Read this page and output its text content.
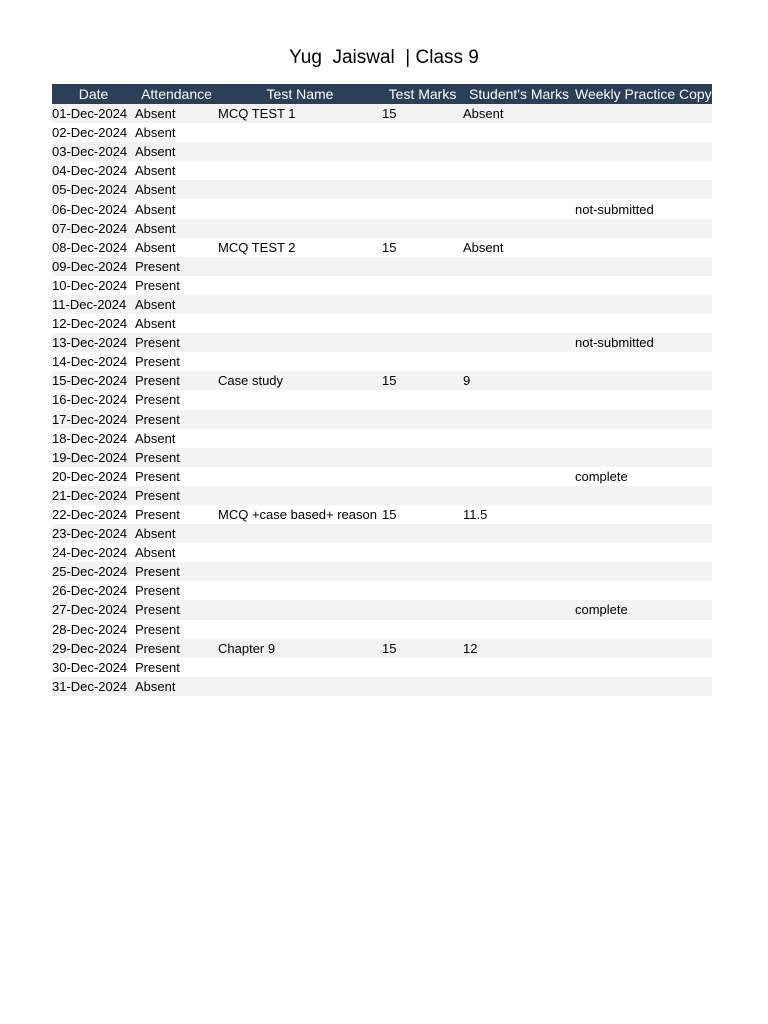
Yug  Jaiswal  | Class 9
Date	Attendance	Test Name	Test Marks	Student's Marks	Weekly Practice Copy
01-Dec-2024	Absent	MCQ TEST 1	15	Absent	
02-Dec-2024	Absent				
03-Dec-2024	Absent				
04-Dec-2024	Absent				
05-Dec-2024	Absent				
06-Dec-2024	Absent				not-submitted
07-Dec-2024	Absent				
08-Dec-2024	Absent	MCQ TEST 2	15	Absent	
09-Dec-2024	Present				
10-Dec-2024	Present				
11-Dec-2024	Absent				
12-Dec-2024	Absent				
13-Dec-2024	Present				not-submitted
14-Dec-2024	Present				
15-Dec-2024	Present	Case study	15	9	
16-Dec-2024	Present				
17-Dec-2024	Present				
18-Dec-2024	Absent				
19-Dec-2024	Present				
20-Dec-2024	Present				complete
21-Dec-2024	Present				
22-Dec-2024	Present	MCQ +case based+ reason	15	11.5	
23-Dec-2024	Absent				
24-Dec-2024	Absent				
25-Dec-2024	Present				
26-Dec-2024	Present				
27-Dec-2024	Present				complete
28-Dec-2024	Present				
29-Dec-2024	Present	Chapter 9	15	12	
30-Dec-2024	Present				
31-Dec-2024	Absent				
